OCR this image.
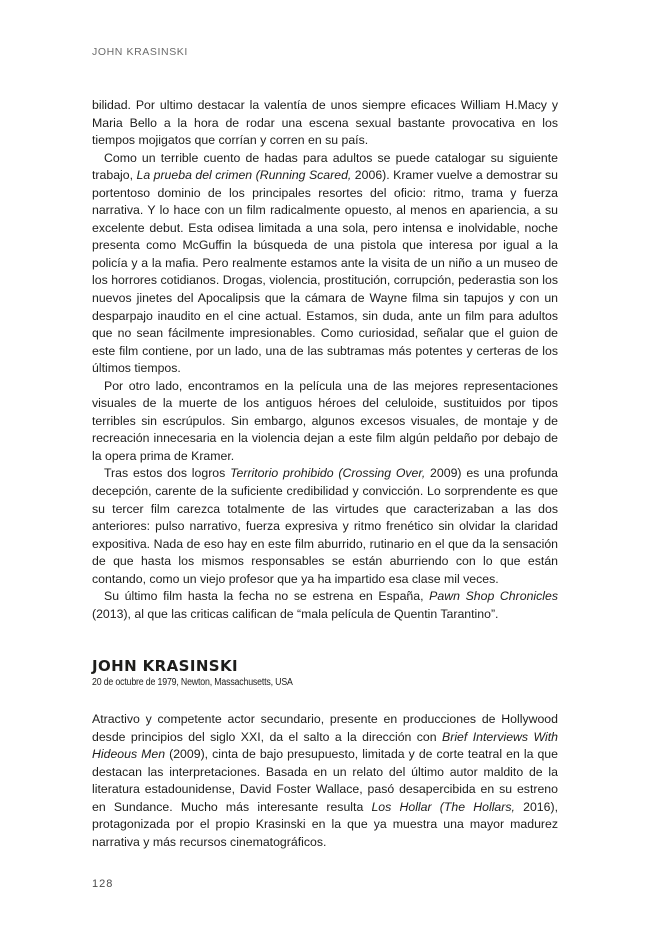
JOHN KRASINSKI

bilidad. Por ultimo destacar la valentía de unos siempre eficaces William H.Macy y Maria Bello a la hora de rodar una escena sexual bastante provocativa en los tiempos mojigatos que corrían y corren en su país.

Como un terrible cuento de hadas para adultos se puede catalogar su siguiente trabajo, La prueba del crimen (Running Scared, 2006). Kramer vuelve a demostrar su portentoso dominio de los principales resortes del oficio: ritmo, trama y fuerza narrativa. Y lo hace con un film radicalmente opuesto, al menos en apariencia, a su excelente debut. Esta odisea limitada a una sola, pero intensa e inolvidable, noche presenta como McGuffin la búsqueda de una pistola que interesa por igual a la policía y a la mafia. Pero realmente estamos ante la visita de un niño a un museo de los horrores cotidianos. Drogas, violencia, prostitución, corrupción, pederastia son los nuevos jinetes del Apocalipsis que la cámara de Wayne filma sin tapujos y con un desparpajo inaudito en el cine actual. Estamos, sin duda, ante un film para adultos que no sean fácilmente impresionables. Como curiosidad, señalar que el guion de este film contiene, por un lado, una de las subtramas más potentes y certeras de los últimos tiempos.

Por otro lado, encontramos en la película una de las mejores representaciones visuales de la muerte de los antiguos héroes del celuloide, sustituidos por tipos terribles sin escrúpulos. Sin embargo, algunos excesos visuales, de montaje y de recreación innecesaria en la violencia dejan a este film algún peldaño por debajo de la opera prima de Kramer.

Tras estos dos logros Territorio prohibido (Crossing Over, 2009) es una profunda decepción, carente de la suficiente credibilidad y convicción. Lo sorprendente es que su tercer film carezca totalmente de las virtudes que caracterizaban a las dos anteriores: pulso narrativo, fuerza expresiva y ritmo frenético sin olvidar la claridad expositiva. Nada de eso hay en este film aburrido, rutinario en el que da la sensación de que hasta los mismos responsables se están aburriendo con lo que están contando, como un viejo profesor que ya ha impartido esa clase mil veces.

Su último film hasta la fecha no se estrena en España, Pawn Shop Chronicles (2013), al que las criticas califican de “mala película de Quentin Tarantino”.

JOHN KRASINSKI

20 de octubre de 1979, Newton, Massachusetts, USA

Atractivo y competente actor secundario, presente en producciones de Hollywood desde principios del siglo XXI, da el salto a la dirección con Brief Interviews With Hideous Men (2009), cinta de bajo presupuesto, limitada y de corte teatral en la que destacan las interpretaciones. Basada en un relato del último autor maldito de la literatura estadounidense, David Foster Wallace, pasó desapercibida en su estreno en Sundance. Mucho más interesante resulta Los Hollar (The Hollars, 2016), protagonizada por el propio Krasinski en la que ya muestra una mayor madurez narrativa y más recursos cinematográficos.

128
